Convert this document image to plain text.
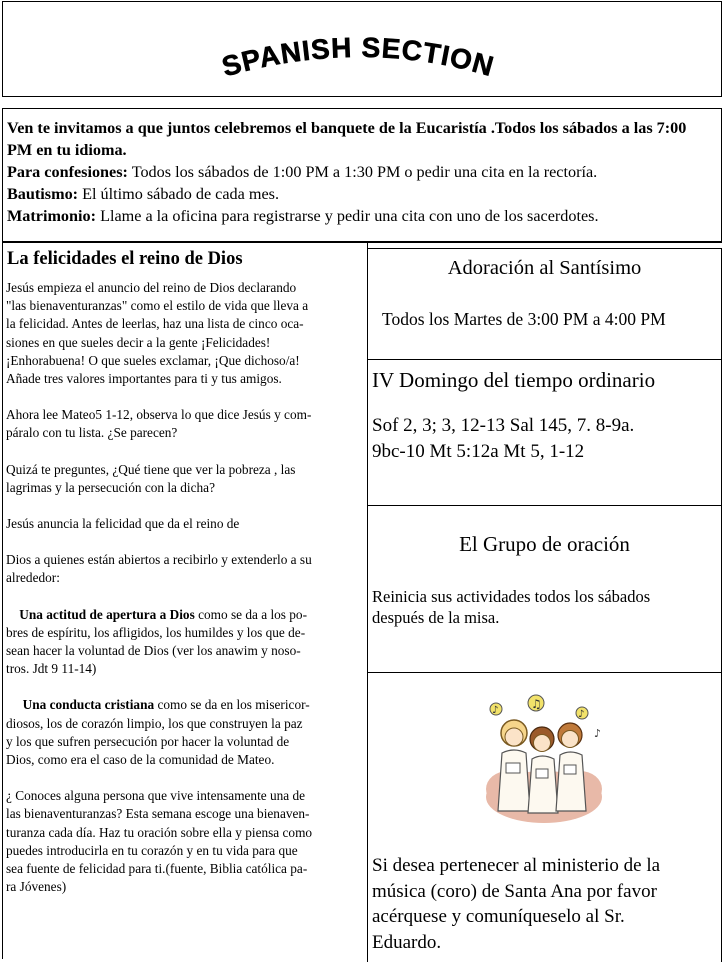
SPANISH SECTION
Ven te invitamos a que juntos celebremos el banquete de la Eucaristía .Todos los sábados a las 7:00 PM en tu idioma.
Para confesiones: Todos los sábados de 1:00 PM a 1:30 PM o pedir una cita en la rectoría.
Bautismo: El último sábado de cada mes.
Matrimonio: Llame a la oficina para registrarse y pedir una cita con uno de los sacerdotes.
La felicidades el reino de Dios

Jesús empieza el anuncio del reino de Dios declarando

"las bienaventuranzas" como el estilo de vida que lleva a

la felicidad. Antes de leerlas, haz una lista de cinco oca-

siones en que sueles decir a la gente ¡Felicidades!

¡Enhorabuena! O que sueles exclamar, ¡Que dichoso/a!

Añade tres valores importantes para ti y tus amigos.

Ahora lee Mateo5 1-12, observa lo que dice Jesús y com-

páralo con tu lista. ¿Se parecen?

Quizá te preguntes, ¿Qué tiene que ver la pobreza , las

lagrimas y la persecución con la dicha?

Jesús anuncia la felicidad que da el reino de

Dios a quienes están abiertos a recibirlo y extenderlo a su

alrededor:

Una actitud de apertura a Dios como se da a los po-

bres de espíritu, los afligidos, los humildes y los que de-

sean hacer la voluntad de Dios (ver los anawim y noso-

tros. Jdt 9 11-14)

Una conducta cristiana como se da en los misericor-

diosos, los de corazón limpio, los que construyen la paz

y los que sufren persecución por hacer la voluntad de

Dios, como era el caso de la comunidad de Mateo.

¿ Conoces alguna persona que vive intensamente una de

las bienaventuranzas? Esta semana escoge una bienaven-

turanza cada día. Haz tu oración sobre ella y piensa como

puedes introducirla en tu corazón y en tu vida para que

sea fuente de felicidad para ti.(fuente, Biblia católica pa-

ra Jóvenes)

Adoración al Santísimo
Todos los Martes de 3:00 PM a 4:00 PM
IV Domingo del tiempo ordinario
Sof 2, 3; 3, 12-13 Sal 145, 7. 8-9a.
9bc-10 Mt 5:12a Mt 5, 1-12
El Grupo de oración
Reinicia sus actividades todos los sábados
después de la misa.
♪	♫
♪
♪
Si desea pertenecer al ministerio de la
música (coro) de Santa Ana por favor
acérquese y comuníqueselo al Sr.
Eduardo.
